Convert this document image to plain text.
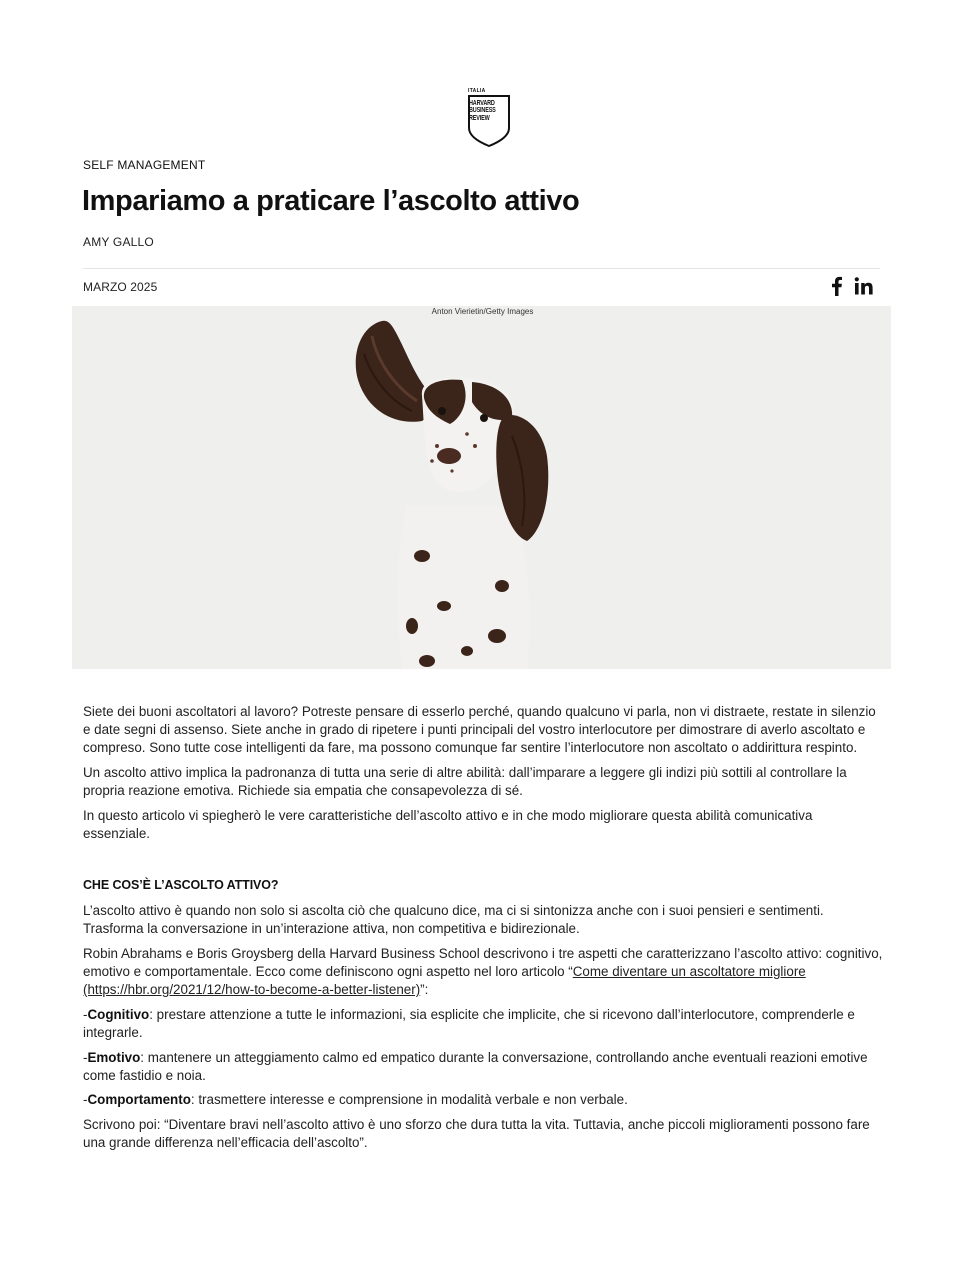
ITALIA
HARVARD
BUSINESS
REVIEW
SELF MANAGEMENT
Impariamo a praticare l’ascolto attivo
AMY GALLO
MARZO 2025
Anton Vierietin/Getty Images

Siete dei buoni ascoltatori al lavoro? Potreste pensare di esserlo perché, quando qualcuno vi parla, non vi distraete, restate in silenzio e date segni di assenso. Siete anche in grado di ripetere i punti principali del vostro interlocutore per dimostrare di averlo ascoltato e compreso. Sono tutte cose intelligenti da fare, ma possono comunque far sentire l’interlocutore non ascoltato o addirittura respinto.

Un ascolto attivo implica la padronanza di tutta una serie di altre abilità: dall’imparare a leggere gli indizi più sottili al controllare la propria reazione emotiva. Richiede sia empatia che consapevolezza di sé.

In questo articolo vi spiegherò le vere caratteristiche dell’ascolto attivo e in che modo migliorare questa abilità comunicativa essenziale.

CHE COS’È L’ASCOLTO ATTIVO?

L’ascolto attivo è quando non solo si ascolta ciò che qualcuno dice, ma ci si sintonizza anche con i suoi pensieri e sentimenti. Trasforma la conversazione in un’interazione attiva, non competitiva e bidirezionale.

Robin Abrahams e Boris Groysberg della Harvard Business School descrivono i tre aspetti che caratterizzano l’ascolto attivo: cognitivo, emotivo e comportamentale. Ecco come definiscono ogni aspetto nel loro articolo “Come diventare un ascoltatore migliore (https://hbr.org/2021/12/how-to-become-a-better-listener)”:

-Cognitivo: prestare attenzione a tutte le informazioni, sia esplicite che implicite, che si ricevono dall’interlocutore, comprenderle e integrarle.

-Emotivo: mantenere un atteggiamento calmo ed empatico durante la conversazione, controllando anche eventuali reazioni emotive come fastidio e noia.

-Comportamento: trasmettere interesse e comprensione in modalità verbale e non verbale.

Scrivono poi: “Diventare bravi nell’ascolto attivo è uno sforzo che dura tutta la vita. Tuttavia, anche piccoli miglioramenti possono fare una grande differenza nell’efficacia dell’ascolto”.
